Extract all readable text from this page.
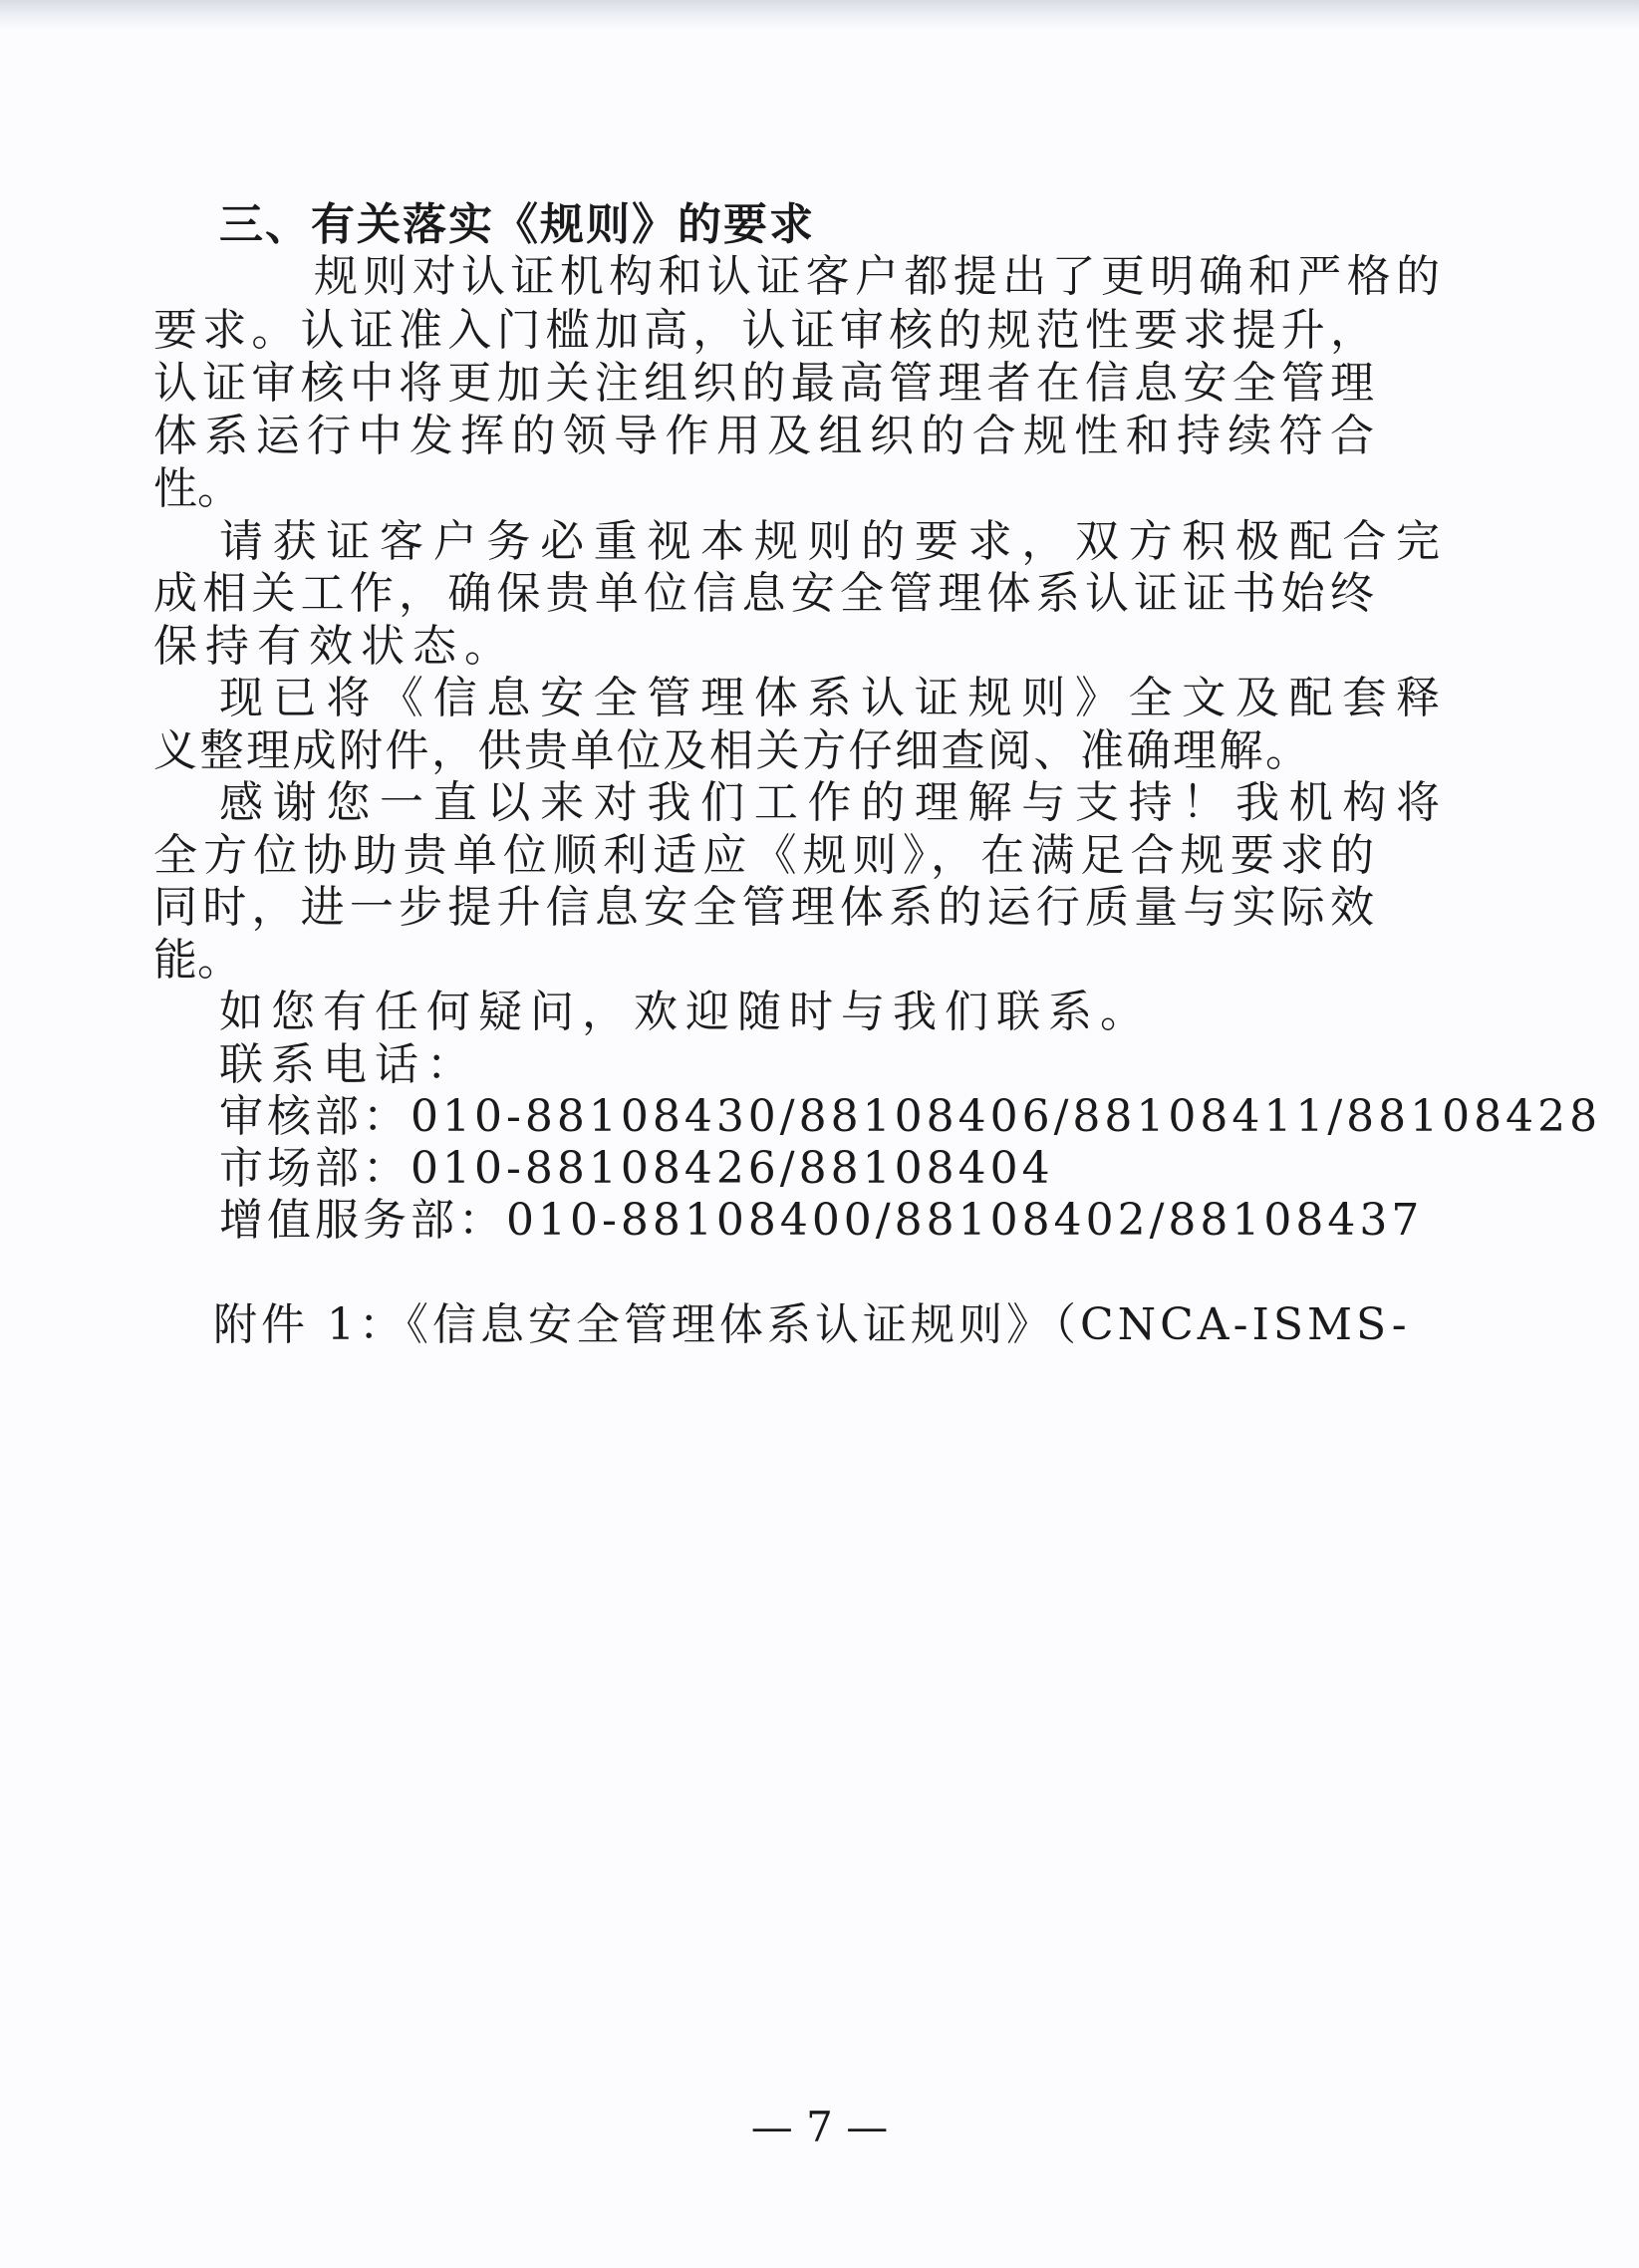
三、有关落实《规则》的要求
规则对认证机构和认证客户都提出了更明确和严格的
要求。认证准入门槛加高，认证审核的规范性要求提升，
认证审核中将更加关注组织的最高管理者在信息安全管理
体系运行中发挥的领导作用及组织的合规性和持续符合
性。
请获证客户务必重视本规则的要求，双方积极配合完
成相关工作，确保贵单位信息安全管理体系认证证书始终
保持有效状态。
现已将《信息安全管理体系认证规则》全文及配套释
义整理成附件，供贵单位及相关方仔细查阅、准确理解。
感谢您一直以来对我们工作的理解与支持！我机构将
全方位协助贵单位顺利适应《规则》，在满足合规要求的
同时，进一步提升信息安全管理体系的运行质量与实际效
能。
如您有任何疑问，欢迎随时与我们联系。
联系电话：
审核部：010-88108430/88108406/88108411/88108428
市场部：010-88108426/88108404
增值服务部：010-88108400/88108402/88108437
附件 1：《信息安全管理体系认证规则》（CNCA-ISMS-
— 7 —
